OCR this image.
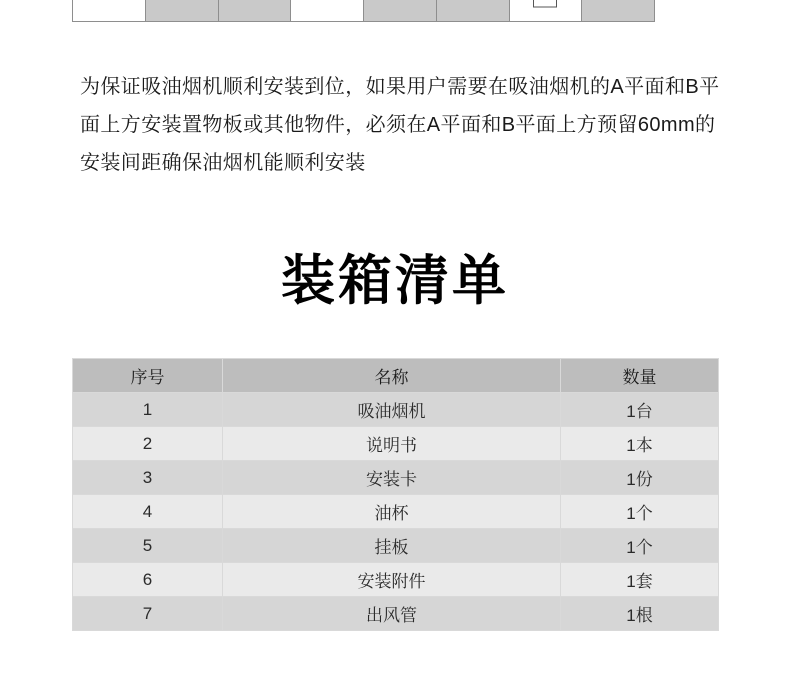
为保证吸油烟机顺利安装到位，如果用户需要在吸油烟机的A平面和B平面上方安装置物板或其他物件，必须在A平面和B平面上方预留60mm的安装间距确保油烟机能顺利安装
装箱清单
序号	名称	数量
1	吸油烟机	1台
2	说明书	1本
3	安装卡	1份
4	油杯	1个
5	挂板	1个
6	安装附件	1套
7	出风管	1根
